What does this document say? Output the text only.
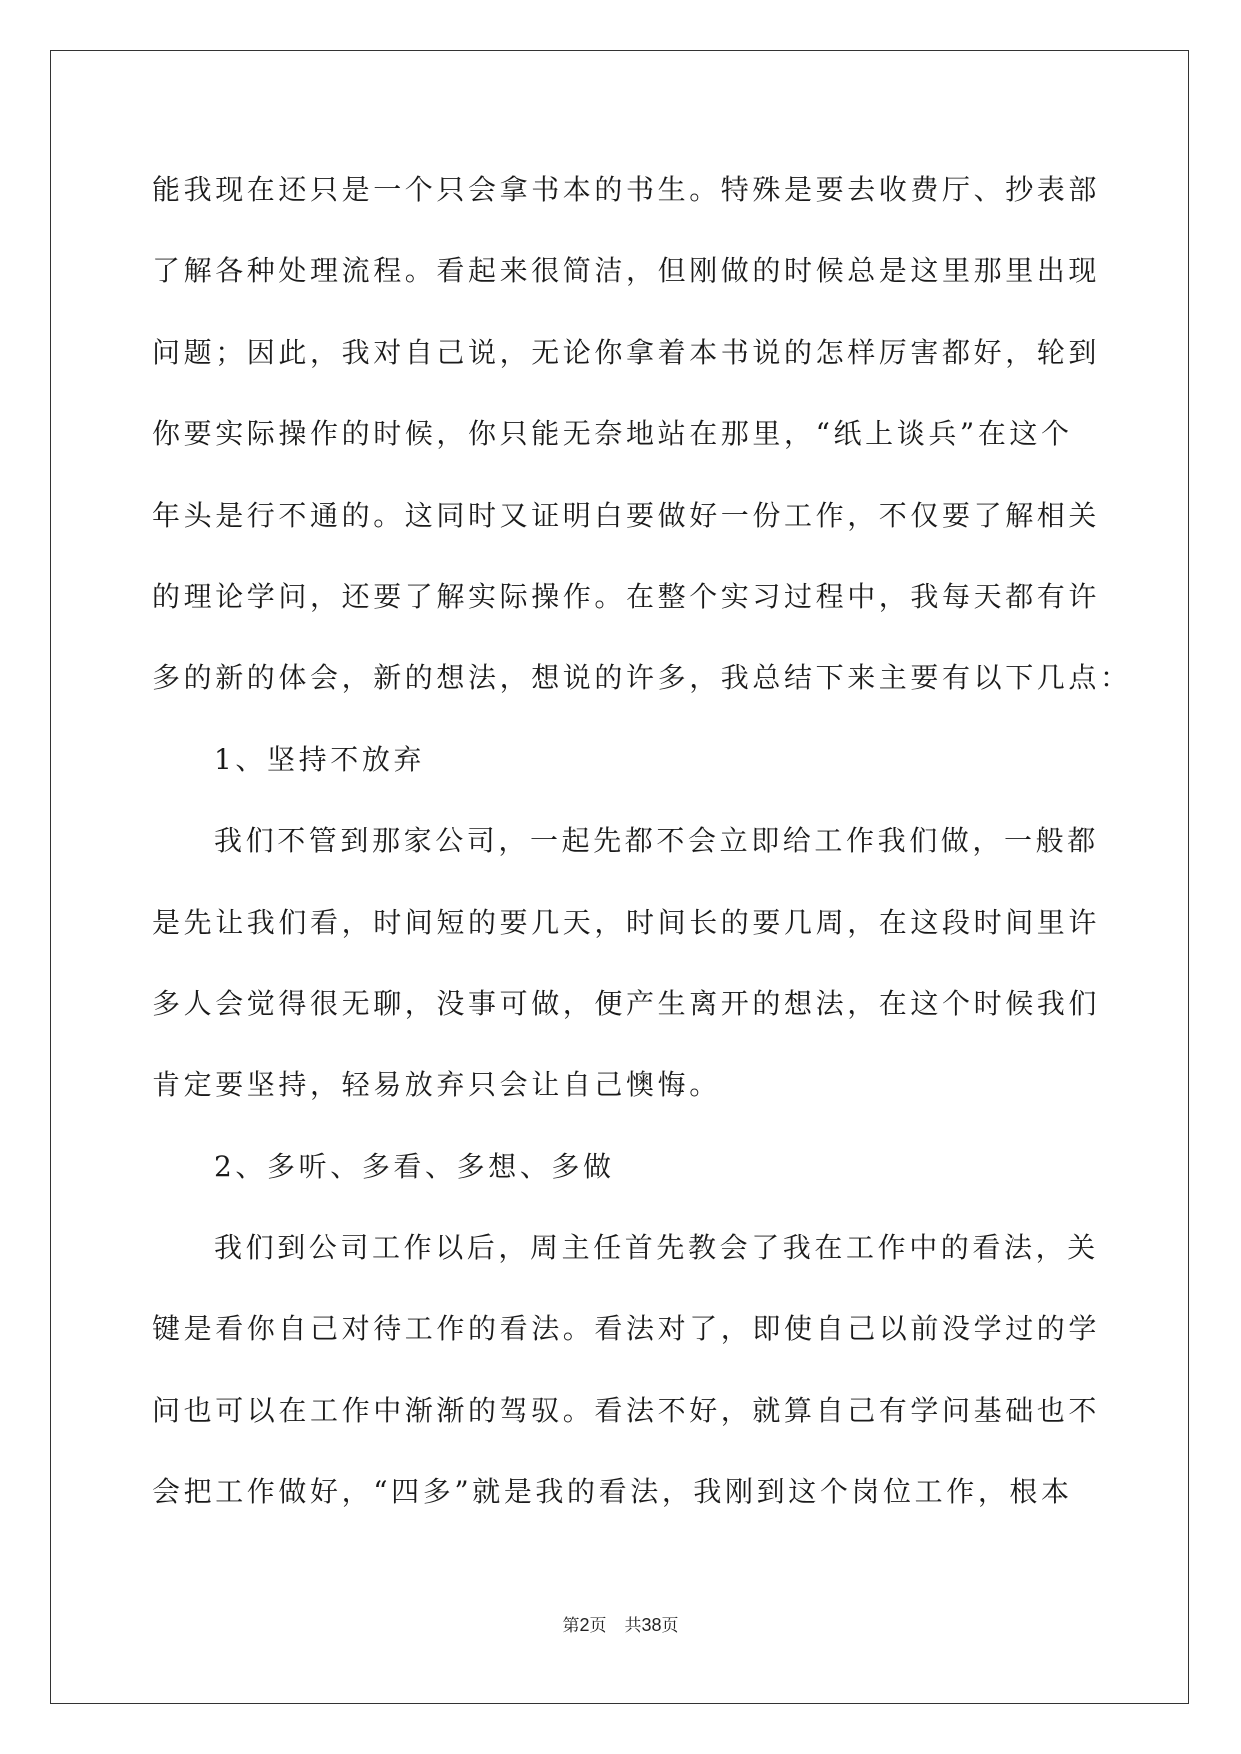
能我现在还只是一个只会拿书本的书生。特殊是要去收费厅、抄表部
了解各种处理流程。看起来很简洁，但刚做的时候总是这里那里出现
问题；因此，我对自己说，无论你拿着本书说的怎样厉害都好，轮到
你要实际操作的时候，你只能无奈地站在那里，“纸上谈兵”在这个
年头是行不通的。这同时又证明白要做好一份工作，不仅要了解相关
的理论学问，还要了解实际操作。在整个实习过程中，我每天都有许
多的新的体会，新的想法，想说的许多，我总结下来主要有以下几点：
1、坚持不放弃
我们不管到那家公司，一起先都不会立即给工作我们做，一般都
是先让我们看，时间短的要几天，时间长的要几周，在这段时间里许
多人会觉得很无聊，没事可做，便产生离开的想法，在这个时候我们
肯定要坚持，轻易放弃只会让自己懊悔。
2、多听、多看、多想、多做
我们到公司工作以后，周主任首先教会了我在工作中的看法，关
键是看你自己对待工作的看法。看法对了，即使自己以前没学过的学
问也可以在工作中渐渐的驾驭。看法不好，就算自己有学问基础也不
会把工作做好，“四多”就是我的看法，我刚到这个岗位工作，根本
第2页 共38页
